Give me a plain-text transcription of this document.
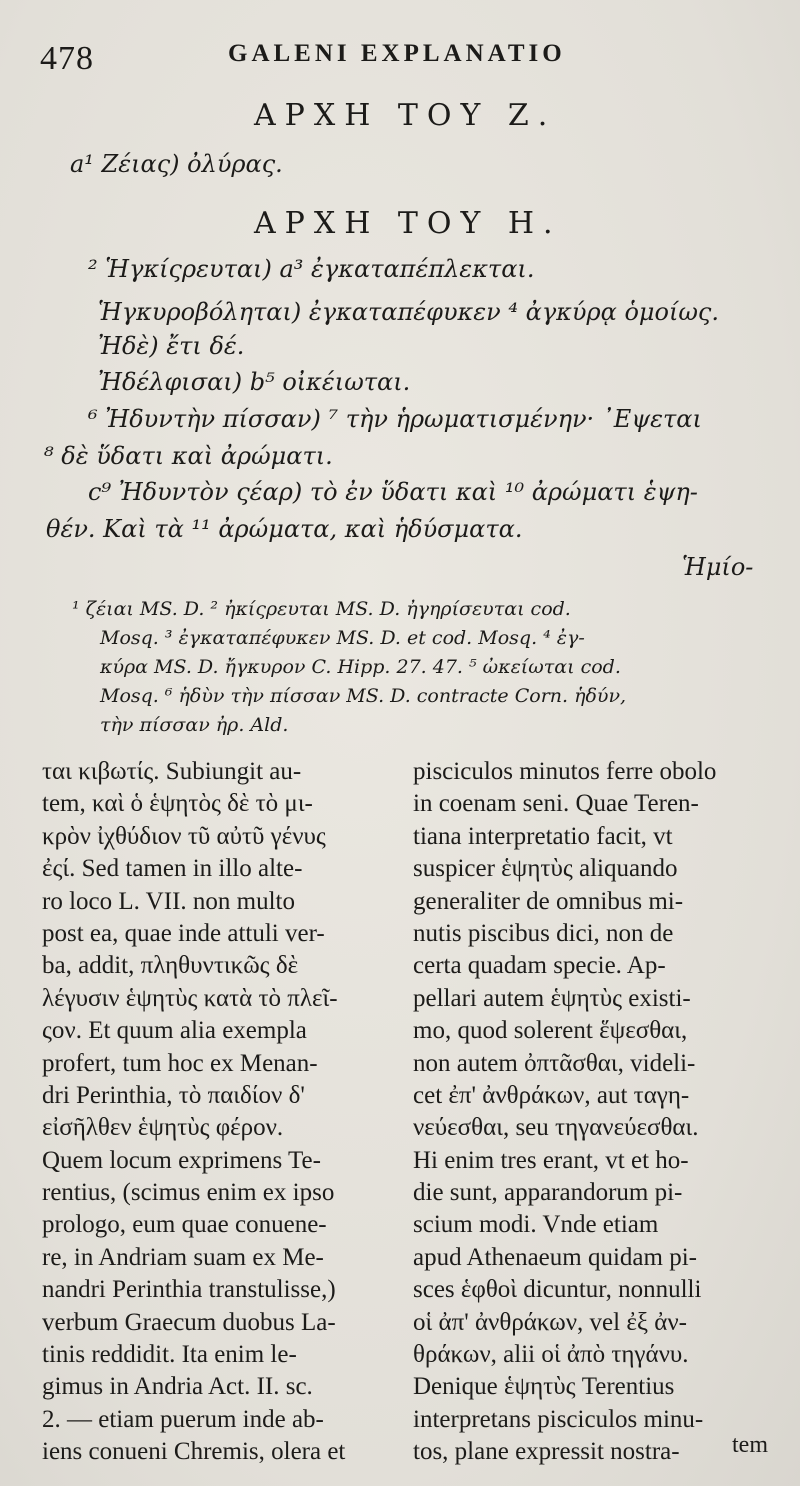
478	GALENI EXPLANATIO
ΑΡΧΗ ΤΟΥ Ζ.
a¹ Ζέιας) ὀλύρας.
ΑΡΧΗ ΤΟΥ Η.
² Ἡγκίςρευται) a³ ἐγκαταπέπλεκται.
Ἡγκυροβόληται) ἐγκαταπέφυκεν ⁴ ἀγκύρᾳ ὁμοίως.
Ἠδὲ) ἔτι δέ.
Ἠδέλφισαι) b⁵ οἰκέιωται.
⁶ Ἠδυντὴν πίσσαν) ⁷ τὴν ἡρωματισμένην· ᾿Εψεται
⁸ δὲ ὕδατι καὶ ἀρώματι.
c⁹ Ἠδυντὸν ςέαρ) τὸ ἐν ὕδατι καὶ ¹⁰ ἀρώματι ἑψη-
θέν. Καὶ τὰ ¹¹ ἀρώματα, καὶ ἡδύσματα.
Ἡμίο-
¹ ζέιαι MS. D. ² ἠκίςρευται MS. D. ἠγηρίσευται cod.
Mosq. ³ ἐγκαταπέφυκεν MS. D. et cod. Mosq. ⁴ ἐγ-
κύρα MS. D. ἤγκυρον C. Hipp. 27. 47. ⁵ ὠκείωται cod.
Mosq. ⁶ ἡδὺν τὴν πίσσαν MS. D. contracte Corn. ἡδύν,
τὴν πίσσαν ἠρ. Ald.
ται κιβωτίς. Subiungit au-
tem, καὶ ὁ ἑψητὸς δὲ τὸ μι-
κρὸν ἰχθύδιον τῦ αὐτῦ γένυς
ἐςί. Sed tamen in illo alte-
ro loco L. VII. non multo
post ea, quae inde attuli ver-
ba, addit, πληθυντικῶς δὲ
λέγυσιν ἑψητὺς κατὰ τὸ πλεῖ-
ςον. Et quum alia exempla
profert, tum hoc ex Menan-
dri Perinthia, τὸ παιδίον δ'
εἰσῆλθεν ἑψητὺς φέρον.
Quem locum exprimens Te-
rentius, (scimus enim ex ipso
prologo, eum quae conuene-
re, in Andriam suam ex Me-
nandri Perinthia transtulisse,)
verbum Graecum duobus La-
tinis reddidit. Ita enim le-
gimus in Andria Act. II. sc.
2. — etiam puerum inde ab-
iens conueni Chremis, olera et
pisciculos minutos ferre obolo
in coenam seni. Quae Teren-
tiana interpretatio facit, vt
suspicer ἑψητὺς aliquando
generaliter de omnibus mi-
nutis piscibus dici, non de
certa quadam specie. Ap-
pellari autem ἑψητὺς existi-
mo, quod solerent ἕψεσθαι,
non autem ὀπτᾶσθαι, videli-
cet ἐπ' ἀνθράκων, aut ταγη-
νεύεσθαι, seu τηγανεύεσθαι.
Hi enim tres erant, vt et ho-
die sunt, apparandorum pi-
scium modi. Vnde etiam
apud Athenaeum quidam pi-
sces ἑφθοὶ dicuntur, nonnulli
οἱ ἀπ' ἀνθράκων, vel ἐξ ἀν-
θράκων, alii οἱ ἀπὸ τηγάνυ.
Denique ἑψητὺς Terentius
interpretans pisciculos minu-
tos, plane expressit nostra-	tem
